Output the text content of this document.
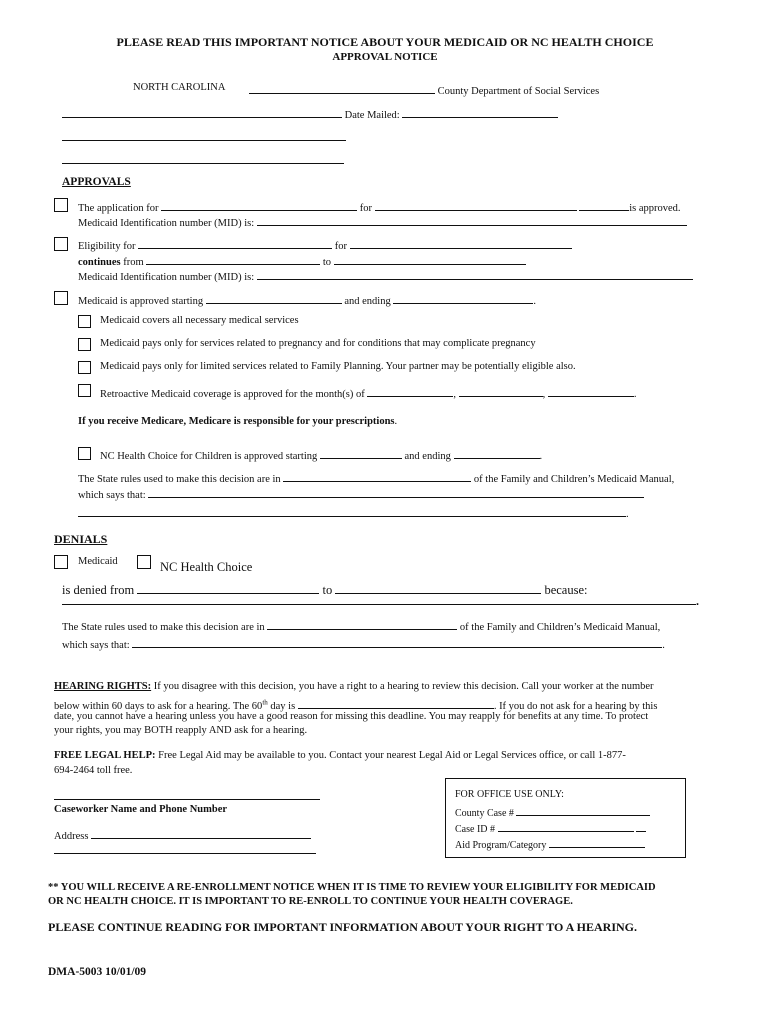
PLEASE READ THIS IMPORTANT NOTICE ABOUT YOUR MEDICAID OR NC HEALTH CHOICE
APPROVAL NOTICE
NORTH CAROLINA	County Department of Social Services
Date Mailed:
APPROVALS
The application for	for	is approved.
Medicaid Identification number (MID) is:
Eligibility for	for
continues from	to
Medicaid Identification number (MID) is:
Medicaid is approved starting	and ending	.
Medicaid covers all necessary medical services
Medicaid pays only for services related to pregnancy and for conditions that may complicate pregnancy
Medicaid pays only for limited services related to Family Planning. Your partner may be potentially eligible also.
Retroactive Medicaid coverage is approved for the month(s) of	,	,	.
If you receive Medicare, Medicare is responsible for your prescriptions.
NC Health Choice for Children is approved starting	and ending	.
The State rules used to make this decision are in	of the Family and Children’s Medicaid Manual,
which says that:
.
DENIALS
Medicaid	NC Health Choice
is denied from	to	because:
.
The State rules used to make this decision are in	of the Family and Children’s Medicaid Manual,
which says that:	.
HEARING RIGHTS: If you disagree with this decision, you have a right to a hearing to review this decision. Call your worker at the number
below within 60 days to ask for a hearing. The 60th day is	. If you do not ask for a hearing by this
date, you cannot have a hearing unless you have a good reason for missing this deadline. You may reapply for benefits at any time. To protect
your rights, you may BOTH reapply AND ask for a hearing.
FREE LEGAL HELP: Free Legal Aid may be available to you. Contact your nearest Legal Aid or Legal Services office, or call 1-877-
694-2464 toll free.
Caseworker Name and Phone Number
Address
FOR OFFICE USE ONLY:
County Case #
Case ID #
Aid Program/Category
** YOU WILL RECEIVE A RE-ENROLLMENT NOTICE WHEN IT IS TIME TO REVIEW YOUR ELIGIBILITY FOR MEDICAID
OR NC HEALTH CHOICE. IT IS IMPORTANT TO RE-ENROLL TO CONTINUE YOUR HEALTH COVERAGE.
PLEASE CONTINUE READING FOR IMPORTANT INFORMATION ABOUT YOUR RIGHT TO A HEARING.
DMA-5003 10/01/09
